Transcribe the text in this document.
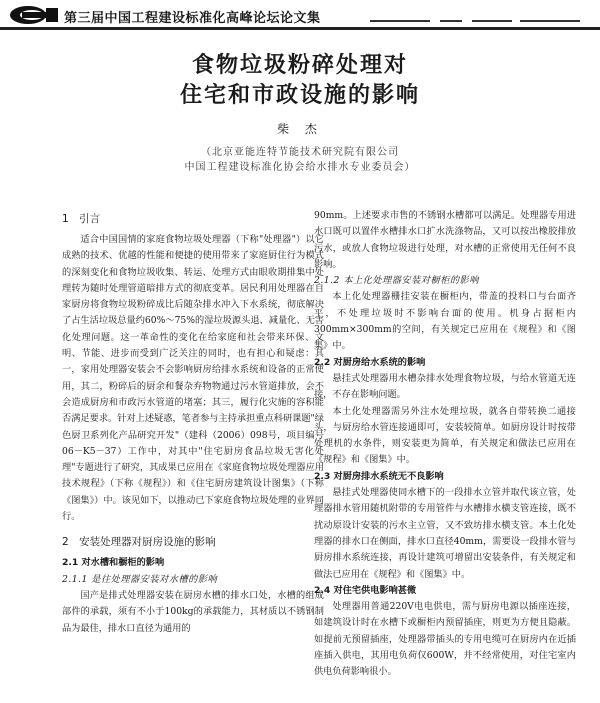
第三届中国工程建设标准化高峰论坛论文集
食物垃圾粉碎处理对
住宅和市政设施的影响
柴 杰
（北京亚能连特节能技术研究院有限公司
中国工程建设标准化协会给水排水专业委员会）
1　引言

适合中国国情的家庭食物垃圾处理器（下称"处理器"）以它成熟的技术、优越的性能和便捷的使用带来了家庭厨住行为模式的深刻变化和食物垃圾收集、转运、处理方式由眼收期排集中处理转为随时处理管道暗排方式的彻底变革。居民利用处理器在自家厨房将食物垃圾粉碎成比后随杂排水冲入下水系统，彻底解决了占生活垃圾总量约60%～75%的湿垃圾源头退、减量化、无害化处理问题。这一革命性的变化在给家庭和社会带来环保、文明、节能、进步而受到广泛关注的同时，也有担心和疑虑：其一，家用处理器安装会不会影响厨房给排水系统和设备的正常使用，其二，粉碎后的厨余和餐杂弃物物通过污水管道排放，会不会造成厨房和市政污水管道的堵塞；其三，履行化灾施的容积能否满足要求。针对上述疑惑，笔者参与主持承担重点科研课题"绿色厨卫系列化产品研究开发"（建科（2006）098号，项目编号06－K5－37）工作中，对其中"住宅厨房食品垃圾无害化处理"专题进行了研究，其成果已应用在《家庭食物垃圾处理器应用技术规程》（下称《规程》）和《住宅厨房建筑设计图集》（下称《图集》）中。该见如下，以推动已下家庭食物垃圾处理的业界同行。

2　安装处理器对厨房设施的影响
2.1 对水槽和橱柜的影响
2.1.1 是往处理器安装对水槽的影响

国产是排式处理器安装在厨房水槽的排水口处，水槽的组成部件的承载，须有不小于100kg的承载能力，其材质以不锈钢制品为最佳，排水口直径为通用的

90mm。上述要求市售的不锈钢水槽都可以满足。处理器专用进水口既可以置伴水槽排水口扩水洗涤物品，又可以按出橡胶排放污水，或放人食物垃圾进行处理，对水槽的正常使用无任何不良影响。

2.1.2 本上化处理器安装对橱柜的影响

本上化处理器栅挂安装在橱柜内，带盖的投料口与台面齐平，不处理垃圾时不影响台面的使用。机身占据柜内300mm×300mm的空间，有关规定已应用在《规程》和《图集》中。

2.2 对厨房给水系统的影响

悬挂式处理器用水槽杂排水处理食物垃圾，与给水管道无连接，不存在影响问题。

本土化处理器需另外注水处理垃圾，就各自带转换二通接头，与厨房给水管连接通即可，安装较简单。如厨房设计时按带处理机的水条件，则安装更为简单，有关规定和做法已应用在《规程》和《图集》中。

2.3 对厨房排水系统无不良影响

悬挂式处理器使同水槽下的一段排水立管并取代该立管，处理器排水管用随机附带的专用管件与水槽排水横支管连接，既不扰动原设计安装的污水主立管，又不致坊排水横支管。本土化处理器的排水口在侧面，排水口直径40mm，需要设一段排水管与厨房排水系统连接，再设计建筑可增留出安装条件，有关规定和做法已应用在《规程》和《图集》中。

2.4 对住宅供电影响甚微

处理器用普通220V电电供电，需与厨房电源以插座连接，如建筑设计时在水槽下或橱柜内预留插座，则更为方便且隐蔽。如提前无预留插座，处理器带插头的专用电缆可在厨房内在近插座插入供电，其用电负荷仅600W，并不经常使用，对住宅室内供电负荷影响很小。
